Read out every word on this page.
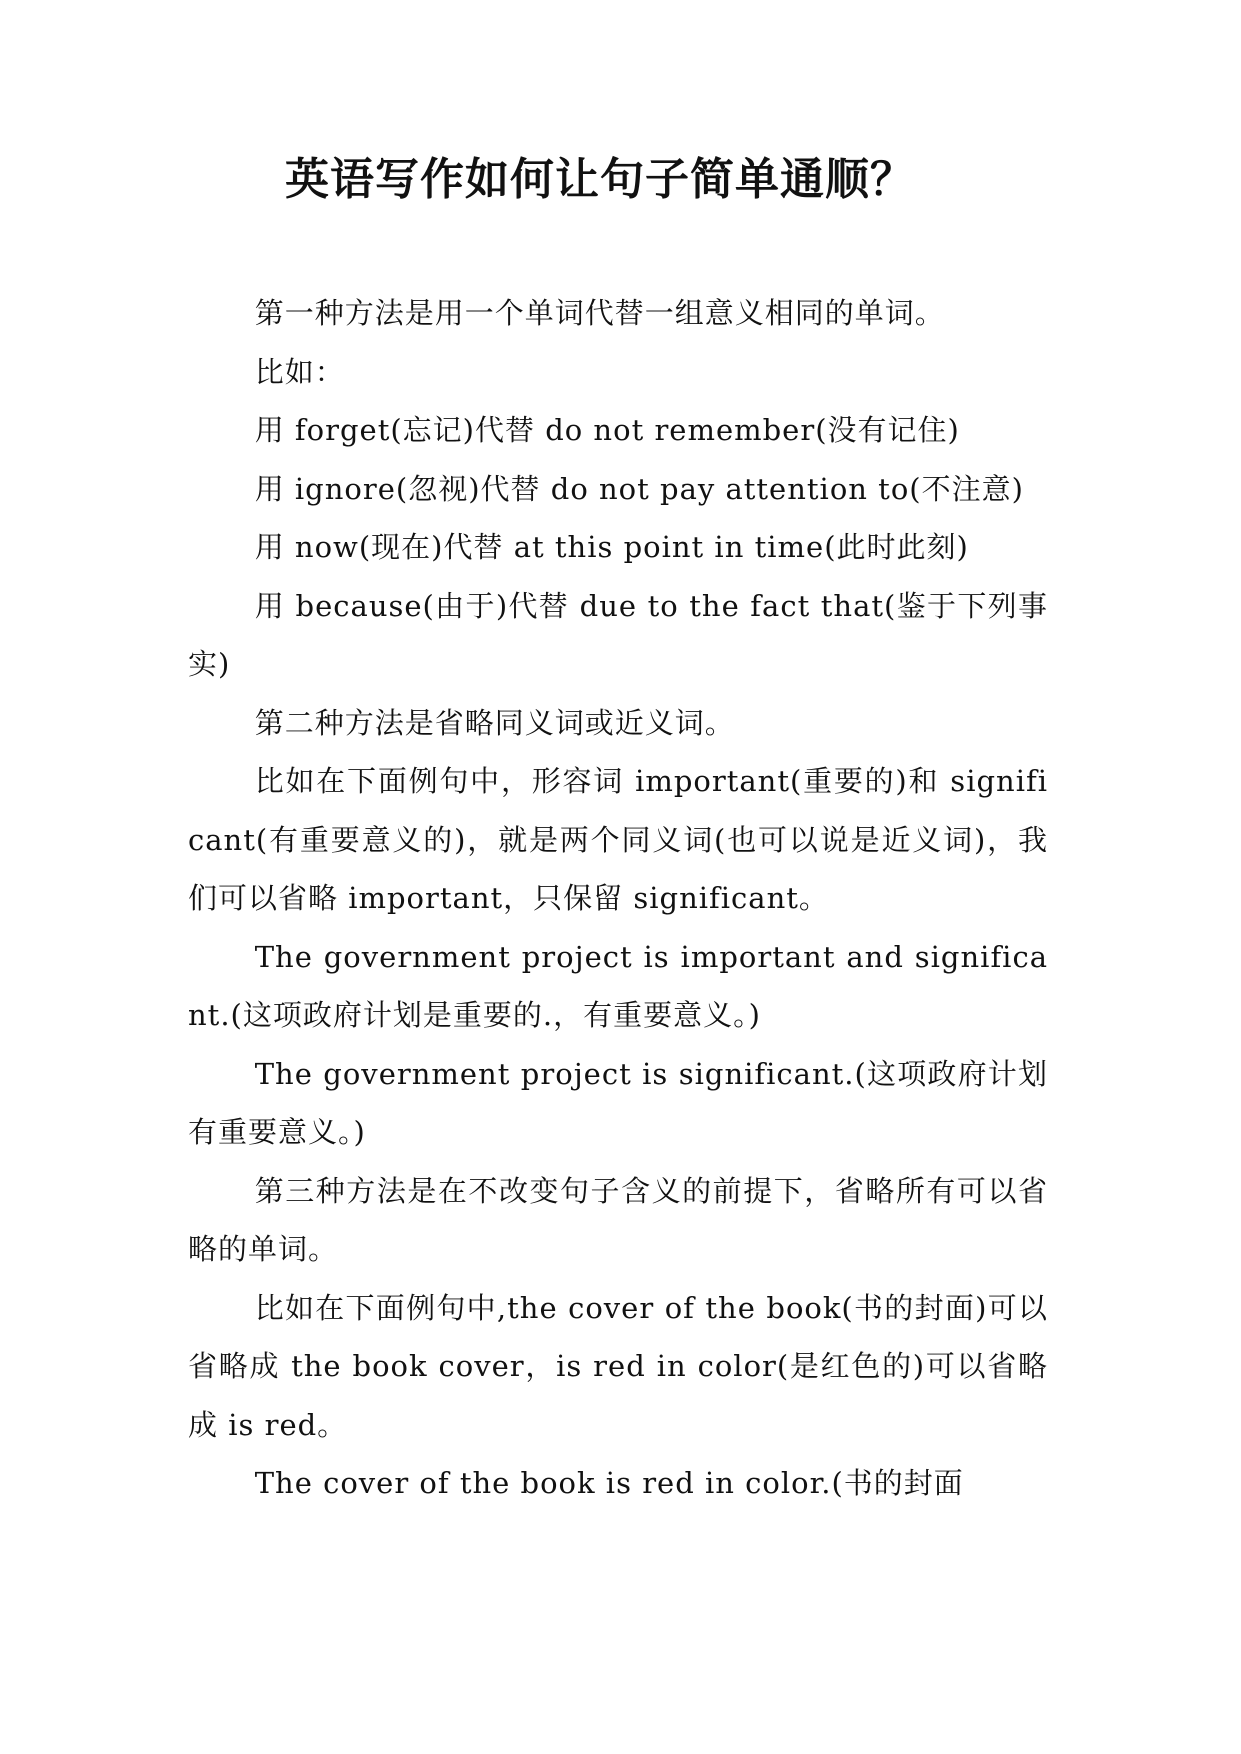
英语写作如何让句子简单通顺？

第一种方法是用一个单词代替一组意义相同的单词。

比如：

用 forget(忘记)代替 do not remember(没有记住)

用 ignore(忽视)代替 do not pay attention to(不注意)

用 now(现在)代替 at this point in time(此时此刻)

用 because(由于)代替 due to the fact that(鉴于下列事实)

第二种方法是省略同义词或近义词。

比如在下面例句中，形容词 important(重要的)和 significant(有重要意义的)，就是两个同义词(也可以说是近义词)，我们可以省略 important，只保留 significant。

The government project is important and significant.(这项政府计划是重要的.，有重要意义。)

The government project is significant.(这项政府计划有重要意义。)

第三种方法是在不改变句子含义的前提下，省略所有可以省略的单词。

比如在下面例句中,the cover of the book(书的封面)可以省略成 the book cover，is red in color(是红色的)可以省略成 is red。

The cover of the book is red in color.(书的封面
